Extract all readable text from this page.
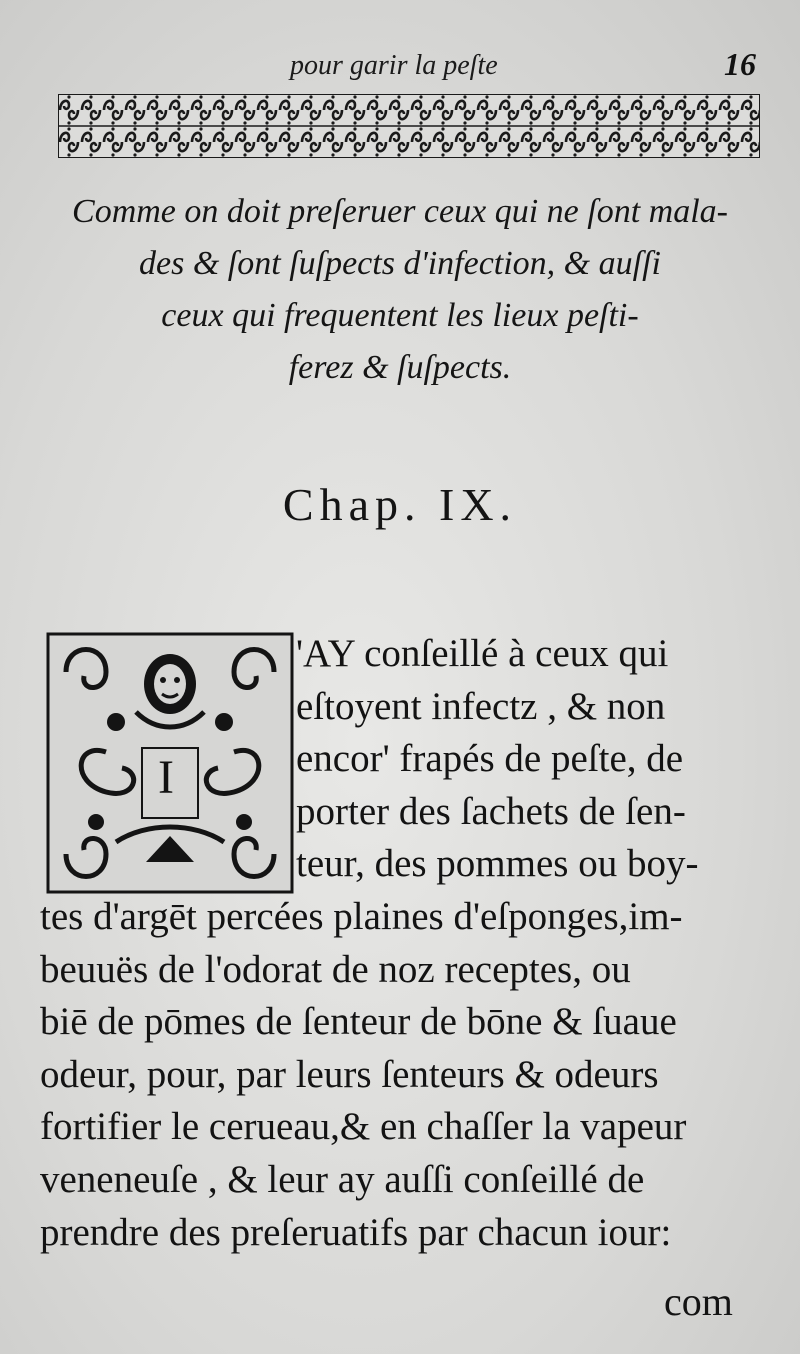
pour garir la peſte	16
Comme on doit preſeruer ceux qui ne ſont mala-
des & ſont ſuſpects d'infection, & auſſi
ceux qui frequentent les lieux peſti-
ferez & ſuſpects.
Chap. IX.
I
'AY conſeillé à ceux qui
eſtoyent infectz , & non
encor' frapés de peſte, de
porter des ſachets de ſen-
teur, des pommes ou boy-
tes d'argēt percées plaines d'eſponges,im-
beuuës de l'odorat de noz receptes, ou
biē de pōmes de ſenteur de bōne & ſuaue
odeur, pour, par leurs ſenteurs & odeurs
fortifier le cerueau,& en chaſſer la vapeur
veneneuſe , & leur ay auſſi conſeillé de
prendre des preſeruatifs par chacun iour:
com
